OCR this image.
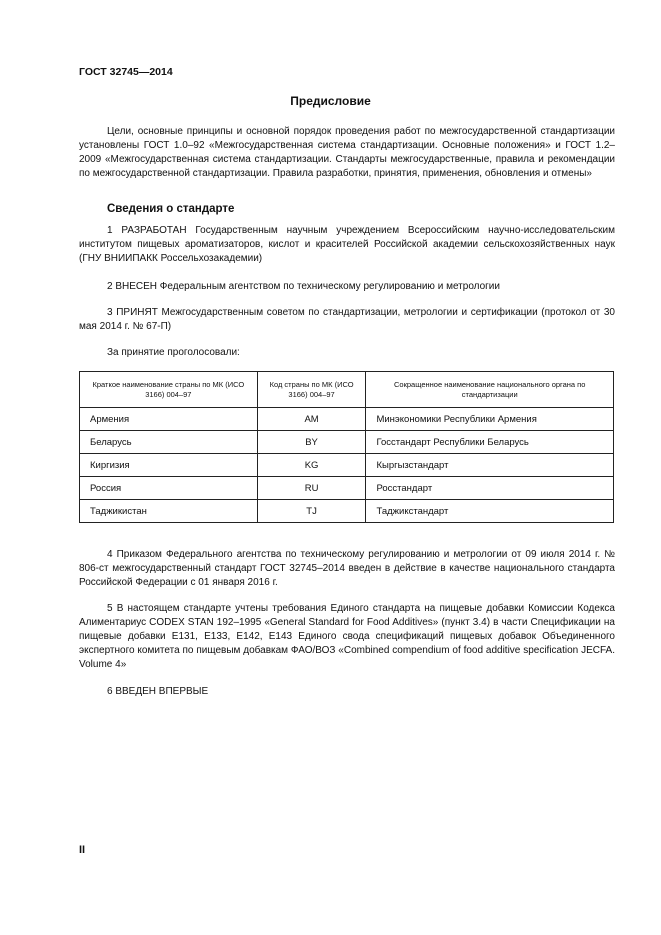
ГОСТ 32745—2014
Предисловие

Цели, основные принципы и основной порядок проведения работ по межгосударственной стандартизации установлены ГОСТ 1.0–92 «Межгосударственная система стандартизации. Основные положения» и ГОСТ 1.2–2009 «Межгосударственная система стандартизации. Стандарты межгосударственные, правила и рекомендации по межгосударственной стандартизации. Правила разработки, принятия, применения, обновления и отмены»

Сведения о стандарте

1 РАЗРАБОТАН Государственным научным учреждением Всероссийским научно-исследовательским институтом пищевых ароматизаторов, кислот и красителей Российской академии сельскохозяйственных наук (ГНУ ВНИИПАКК Россельхозакадемии)

2 ВНЕСЕН Федеральным агентством по техническому регулированию и метрологии

3 ПРИНЯТ Межгосударственным советом по стандартизации, метрологии и сертификации (протокол от 30 мая 2014 г. № 67-П)

За принятие проголосовали:

Краткое наименование страны по МК (ИСО 3166) 004–97	Код страны по МК (ИСО 3166) 004–97	Сокращенное наименование национального органа по стандартизации
Армения	AM	Минэкономики Республики Армения
Беларусь	BY	Госстандарт Республики Беларусь
Киргизия	KG	Кыргызстандарт
Россия	RU	Росстандарт
Таджикистан	TJ	Таджикстандарт

4 Приказом Федерального агентства по техническому регулированию и метрологии от 09 июля 2014 г. № 806-ст межгосударственный стандарт ГОСТ 32745–2014 введен в действие в качестве национального стандарта Российской Федерации с 01 января 2016 г.

5 В настоящем стандарте учтены требования Единого стандарта на пищевые добавки Комиссии Кодекса Алиментариус CODEX STAN 192–1995 «General Standard for Food Additives» (пункт 3.4) в части Спецификации на пищевые добавки E131, E133, E142, E143 Единого свода спецификаций пищевых добавок Объединенного экспертного комитета по пищевым добавкам ФАО/ВОЗ «Combined compendium of food additive specification JECFA. Volume 4»

6 ВВЕДЕН ВПЕРВЫЕ

II
